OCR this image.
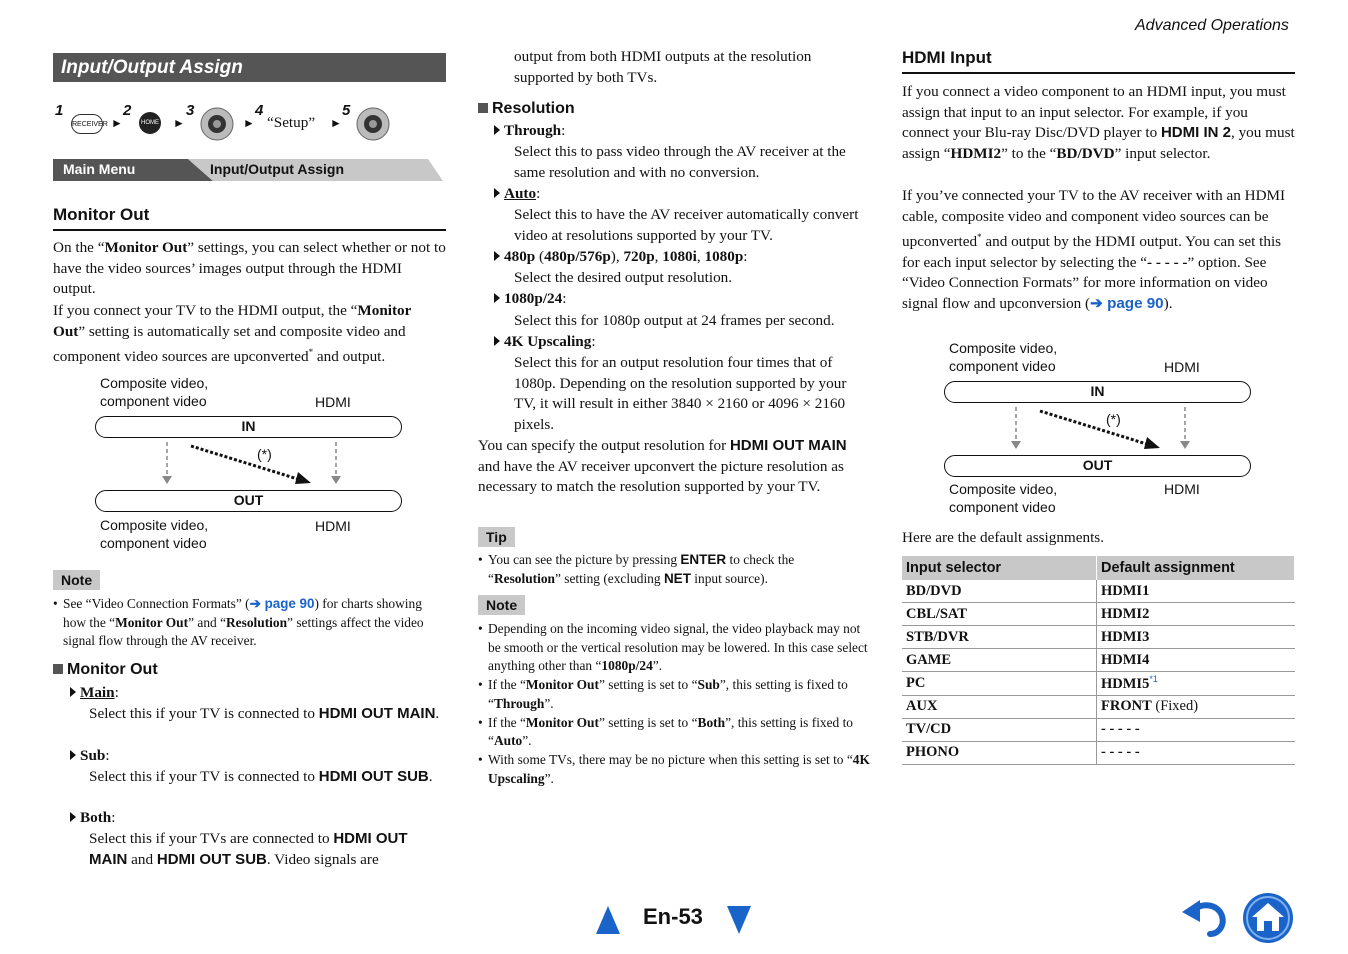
Advanced Operations
Input/Output Assign
1
RECEIVER ►
2
HOME ►
3
►
4
“Setup” ►
5
Main Menu	Input/Output Assign
Monitor Out

On the “Monitor Out” settings, you can select whether or not to have the video sources’ images output through the HDMI output.

If you connect your TV to the HDMI output, the “Monitor Out” setting is automatically set and composite video and component video sources are upconverted* and output.

Composite video,
component video	HDMI
IN
(*)
OUT
Composite video,
component video
HDMI
Note
• See “Video Connection Formats” (➔ page 90) for charts showing how the “Monitor Out” and “Resolution” settings affect the video signal flow through the AV receiver.
Monitor Out
Main:

Select this if your TV is connected to HDMI OUT MAIN.

Sub:

Select this if your TV is connected to HDMI OUT SUB.

Both:

Select this if your TVs are connected to HDMI OUT MAIN and HDMI OUT SUB. Video signals are

output from both HDMI outputs at the resolution supported by both TVs.

Resolution
Through:

Select this to pass video through the AV receiver at the same resolution and with no conversion.

Auto:

Select this to have the AV receiver automatically convert video at resolutions supported by your TV.

480p (480p/576p), 720p, 1080i, 1080p:

Select the desired output resolution.

1080p/24:

Select this for 1080p output at 24 frames per second.

4K Upscaling:

Select this for an output resolution four times that of 1080p. Depending on the resolution supported by your TV, it will result in either 3840 × 2160 or 4096 × 2160 pixels.

You can specify the output resolution for HDMI OUT MAIN and have the AV receiver upconvert the picture resolution as necessary to match the resolution supported by your TV.

Tip
• You can see the picture by pressing ENTER to check the “Resolution” setting (excluding NET input source).
Note
• Depending on the incoming video signal, the video playback may not be smooth or the vertical resolution may be lowered. In this case select anything other than “1080p/24”.
• If the “Monitor Out” setting is set to “Sub”, this setting is fixed to “Through”.
• If the “Monitor Out” setting is set to “Both”, this setting is fixed to “Auto”.
• With some TVs, there may be no picture when this setting is set to “4K Upscaling”.
HDMI Input

If you connect a video component to an HDMI input, you must assign that input to an input selector. For example, if you connect your Blu-ray Disc/DVD player to HDMI IN 2, you must assign “HDMI2” to the “BD/DVD” input selector.

If you’ve connected your TV to the AV receiver with an HDMI cable, composite video and component video sources can be upconverted* and output by the HDMI output. You can set this for each input selector by selecting the “- - - - -” option. See “Video Connection Formats” for more information on video signal flow and upconversion (➔ page 90).

Composite video,
component video	HDMI
IN
(*)
OUT
Composite video,
component video
HDMI

Here are the default assignments.

Input selector	Default assignment
BD/DVD	HDMI1
CBL/SAT	HDMI2
STB/DVR	HDMI3
GAME	HDMI4
PC	HDMI5$^{*1}$
AUX	FRONT (Fixed)
TV/CD	- - - - -
PHONO	- - - - -
En-53
